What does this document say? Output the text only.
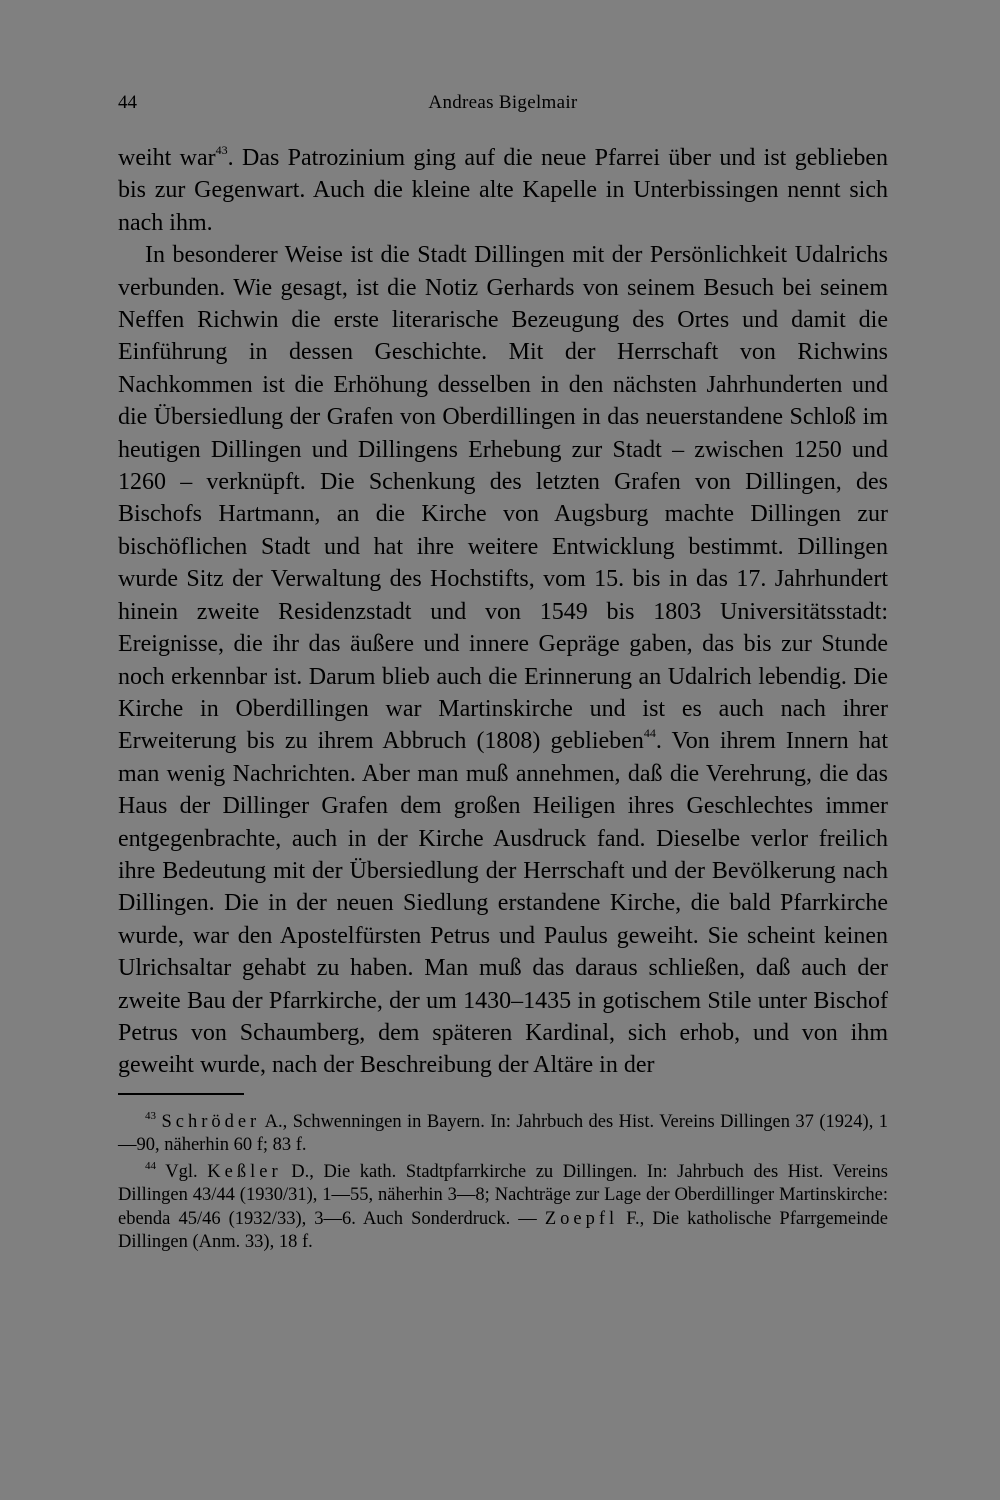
44	Andreas Bigelmair

weiht war$^{43}$. Das Patrozinium ging auf die neue Pfarrei über und ist geblieben bis zur Gegenwart. Auch die kleine alte Kapelle in Unterbissingen nennt sich nach ihm.

In besonderer Weise ist die Stadt Dillingen mit der Persönlichkeit Udalrichs verbunden. Wie gesagt, ist die Notiz Gerhards von seinem Besuch bei seinem Neffen Richwin die erste literarische Bezeugung des Ortes und damit die Einführung in dessen Geschichte. Mit der Herrschaft von Richwins Nachkommen ist die Erhöhung desselben in den nächsten Jahrhunderten und die Übersiedlung der Grafen von Oberdillingen in das neuerstandene Schloß im heutigen Dillingen und Dillingens Erhebung zur Stadt – zwischen 1250 und 1260 – verknüpft. Die Schenkung des letzten Grafen von Dillingen, des Bischofs Hartmann, an die Kirche von Augsburg machte Dillingen zur bischöflichen Stadt und hat ihre weitere Entwicklung bestimmt. Dillingen wurde Sitz der Verwaltung des Hochstifts, vom 15. bis in das 17. Jahrhundert hinein zweite Residenzstadt und von 1549 bis 1803 Universitätsstadt: Ereignisse, die ihr das äußere und innere Gepräge gaben, das bis zur Stunde noch erkennbar ist. Darum blieb auch die Erinnerung an Udalrich lebendig. Die Kirche in Oberdillingen war Martinskirche und ist es auch nach ihrer Erweiterung bis zu ihrem Abbruch (1808) geblieben$^{44}$. Von ihrem Innern hat man wenig Nachrichten. Aber man muß annehmen, daß die Verehrung, die das Haus der Dillinger Grafen dem großen Heiligen ihres Geschlechtes immer entgegenbrachte, auch in der Kirche Ausdruck fand. Dieselbe verlor freilich ihre Bedeutung mit der Übersiedlung der Herrschaft und der Bevölkerung nach Dillingen. Die in der neuen Siedlung erstandene Kirche, die bald Pfarrkirche wurde, war den Apostelfürsten Petrus und Paulus geweiht. Sie scheint keinen Ulrichsaltar gehabt zu haben. Man muß das daraus schließen, daß auch der zweite Bau der Pfarrkirche, der um 1430–1435 in gotischem Stile unter Bischof Petrus von Schaumberg, dem späteren Kardinal, sich erhob, und von ihm geweiht wurde, nach der Beschreibung der Altäre in der

$^{43}$ Schröder A., Schwenningen in Bayern. In: Jahrbuch des Hist. Vereins Dillingen 37 (1924), 1—90, näherhin 60 f; 83 f.

$^{44}$ Vgl. Keßler D., Die kath. Stadtpfarrkirche zu Dillingen. In: Jahrbuch des Hist. Vereins Dillingen 43/44 (1930/31), 1—55, näherhin 3—8; Nachträge zur Lage der Oberdillinger Martinskirche: ebenda 45/46 (1932/33), 3—6. Auch Sonderdruck. — Zoepfl F., Die katholische Pfarrgemeinde Dillingen (Anm. 33), 18 f.
